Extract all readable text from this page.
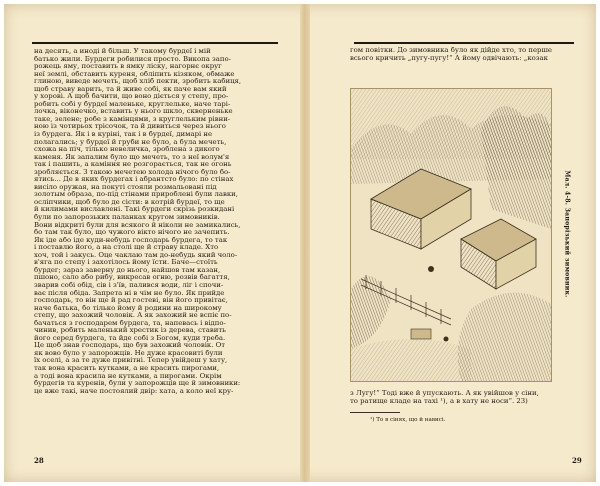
на десять, а иноді й більш. У такому бурдеї і мій
батько жили. Бурдеги робилися просто. Викопа запо-
рожець яму, поставить в ямку ліску, нагорнє округ
неї землі, обставить куреня, обліпить кізяком, обмаже
глиною, виведе мечеть, щоб хліб пекти, зробить кабиця,
щоб страву варить, та й живе собі, як паче вам який
у хорові. А щоб бачити, що воно діється у степу, про-
робить собі у бурдеї маленьке, круглельке, наче тарі-
лочка, віконечко, вставить у нього шкло, скверненьке
таке, зелене; робе з камінцями, з круглельким рівни-
ною із чотирьох трісочок, та й дивиться через нього
із бурдега. Як і в куріні, так і в бурдеї, димарі не
полагались; у бурдеї й груби не було, а була мечеть,
схожа на піч, тілько невеличка, зроблена з дикого
каменя. Як запалим було що мечеть, то з неї волум'я
так і пашить, а каміння не розгорається, так не огонь
зробляється. З такою мечетею холода нічого було бо-
ятись... Де в яких бурдегах і абрантсто було: по стінах
висіло оружая, на покуті стояли розмальовані під
золотым образа, по-під стінами прироблені були лавки,
осліпчики, щоб було де сісти: в котрій бурдеї, то ще
й килимами виславлені. Такі бурдеги скрізь розкидані
були по запорозьких паланках кругом зимовників.
Вони відкриті були для всякого й ніколи не замикались,
бо там так було, що чужого вікто нічого не зачепить.
Як іде або іде куди-небудь господарь бурдега, то так
і поставлю його, а на столі ще й страву кладе. Хто
хоч, той і закусь. Оце чаклаю там до-небудь який чоло-
в'яга по степу і захотілось йому їсти. Баче—стоїть
бурдег; зараз заверну до нього, найшов там казан,
пшоно, сало або рибу, викресав огню, розвів багаття,
зварив собі обід, сів і з'їв, палився води, ліг і спочи-
ває після обіда. Запрета ні в чім не було. Як прийде
господарь, то він ще й рад гостеві, він його привітає,
наче батька, бо тілько йому й родини на широкому
степу, що захожий чоловік. А як захожий не вспіє по-
бачаться з господарем бурдега, та, напевась і відпо-
чинив, робить маленький хрестик із дерева, ставить
його серед бурдега, та йде собі з Богом, куди треба.
Це щоб знав господарь, що був захожий чоловік. От
як вово було у запорожців. Не дуже красовиті були
їх оселі, а за те дуже привітні. Тепер увійдеш у хату,
так вона красить кутками, а не красить пирогами,
а тоді вона красила не кутками, а пирогами. Окрім
бурдегів та куренів, були у запорожців ще й зимовники:
це вже такі, наче постоялий двір: хата, а коло неї кру-
28
гом повітки. До зимовника було як дійде хто, то перше
всього кричить „пугу-пугу!“ А йому одвічають: „козак
Мал. 4-8. Запорізький зимовник.
з Лугу!“ Тоді вже й упускають. А як увійшов у сіни,
то ратище кладе на тахі ¹), а в хату не носи“. 23)
¹) То в сінях, що й нависі.
29
